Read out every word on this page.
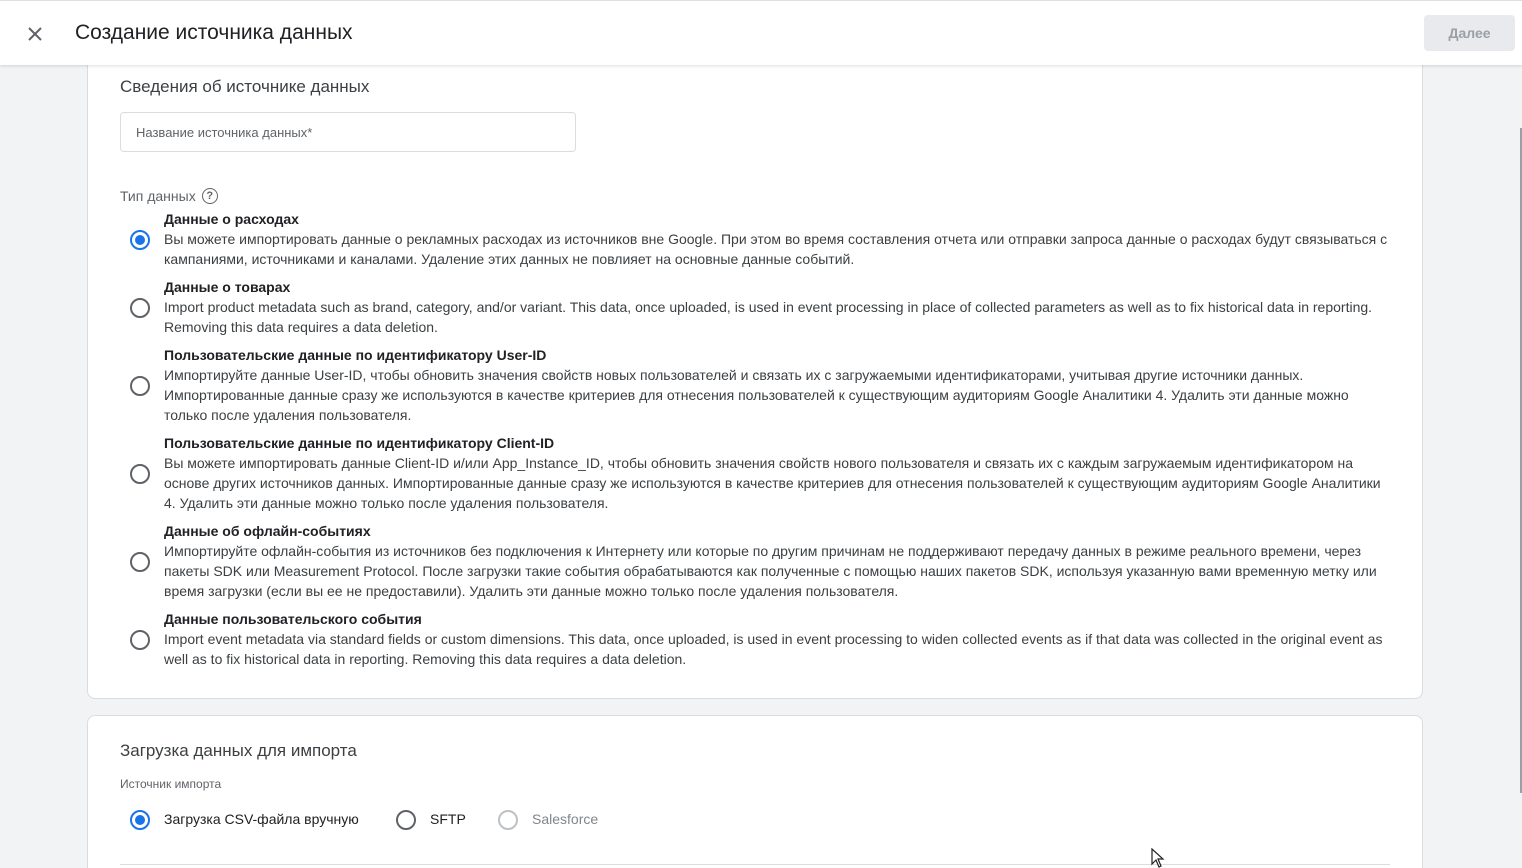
Создание источника данных	Далее
Сведения об источнике данных
Название источника данных*
Тип данных ?
Данные о расходах
Вы можете импортировать данные о рекламных расходах из источников вне Google. При этом во время составления отчета или отправки запроса данные о расходах будут связываться с кампаниями, источниками и каналами. Удаление этих данных не повлияет на основные данные событий.
Данные о товарах
Import product metadata such as brand, category, and/or variant. This data, once uploaded, is used in event processing in place of collected parameters as well as to fix historical data in reporting. Removing this data requires a data deletion.
Пользовательские данные по идентификатору User-ID
Импортируйте данные User-ID, чтобы обновить значения свойств новых пользователей и связать их с загружаемыми идентификаторами, учитывая другие источники данных. Импортированные данные сразу же используются в качестве критериев для отнесения пользователей к существующим аудиториям Google Аналитики 4. Удалить эти данные можно только после удаления пользователя.
Пользовательские данные по идентификатору Client-ID
Вы можете импортировать данные Client-ID и/или App_Instance_ID, чтобы обновить значения свойств нового пользователя и связать их с каждым загружаемым идентификатором на основе других источников данных. Импортированные данные сразу же используются в качестве критериев для отнесения пользователей к существующим аудиториям Google Аналитики 4. Удалить эти данные можно только после удаления пользователя.
Данные об офлайн-событиях
Импортируйте офлайн-события из источников без подключения к Интернету или которые по другим причинам не поддерживают передачу данных в режиме реального времени, через пакеты SDK или Measurement Protocol. После загрузки такие события обрабатываются как полученные с помощью наших пакетов SDK, используя указанную вами временную метку или время загрузки (если вы ее не предоставили). Удалить эти данные можно только после удаления пользователя.
Данные пользовательского события
Import event metadata via standard fields or custom dimensions. This data, once uploaded, is used in event processing to widen collected events as if that data was collected in the original event as well as to fix historical data in reporting. Removing this data requires a data deletion.
Загрузка данных для импорта
Источник импорта
Загрузка CSV-файла вручную	SFTP	Salesforce
